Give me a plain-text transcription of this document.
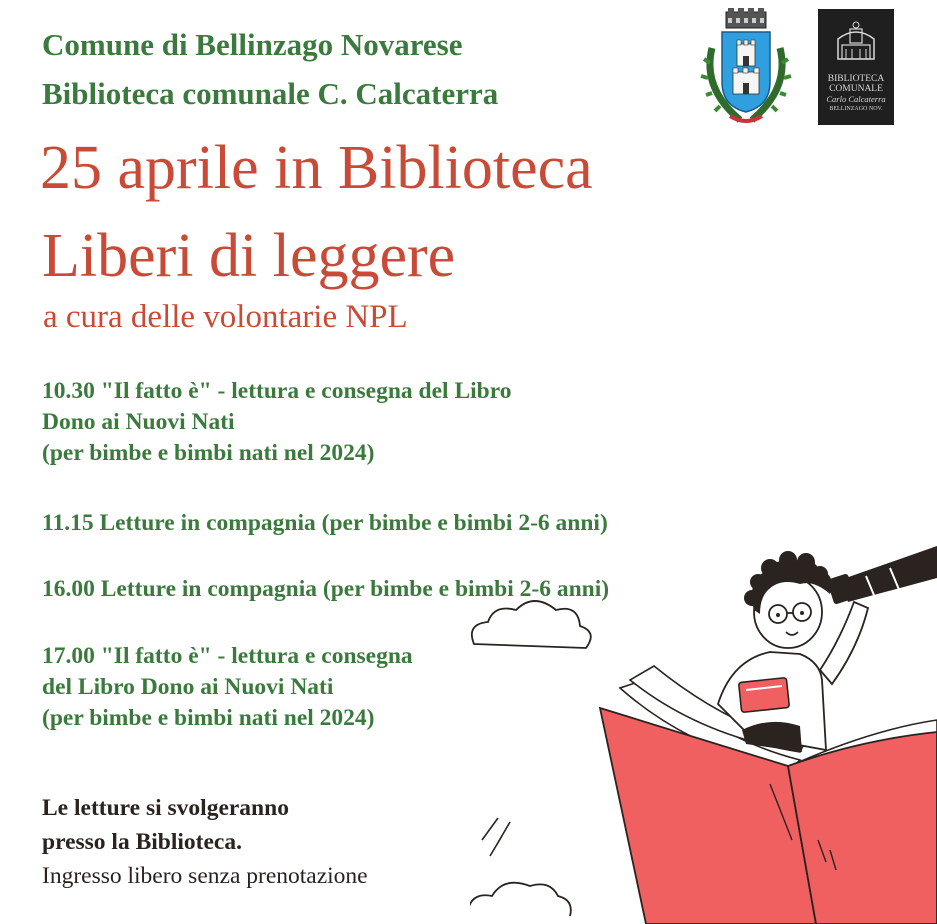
Comune di Bellinzago Novarese
Biblioteca comunale C. Calcaterra
25 aprile in Biblioteca
Liberi di leggere
a cura delle volontarie NPL
10.30 "Il fatto è" - lettura e consegna del Libro
Dono ai Nuovi Nati
(per bimbe e bimbi nati nel 2024)
11.15 Letture in compagnia (per bimbe e bimbi 2-6 anni)
16.00 Letture in compagnia (per bimbe e bimbi 2-6 anni)
17.00 "Il fatto è" - lettura e consegna
del Libro Dono ai Nuovi Nati
(per bimbe e bimbi nati nel 2024)
Le letture si svolgeranno
presso la Biblioteca.
Ingresso libero senza prenotazione
BIBLIOTECA
COMUNALE
Carlo Calcaterra
BELLINZAGO NOV.
